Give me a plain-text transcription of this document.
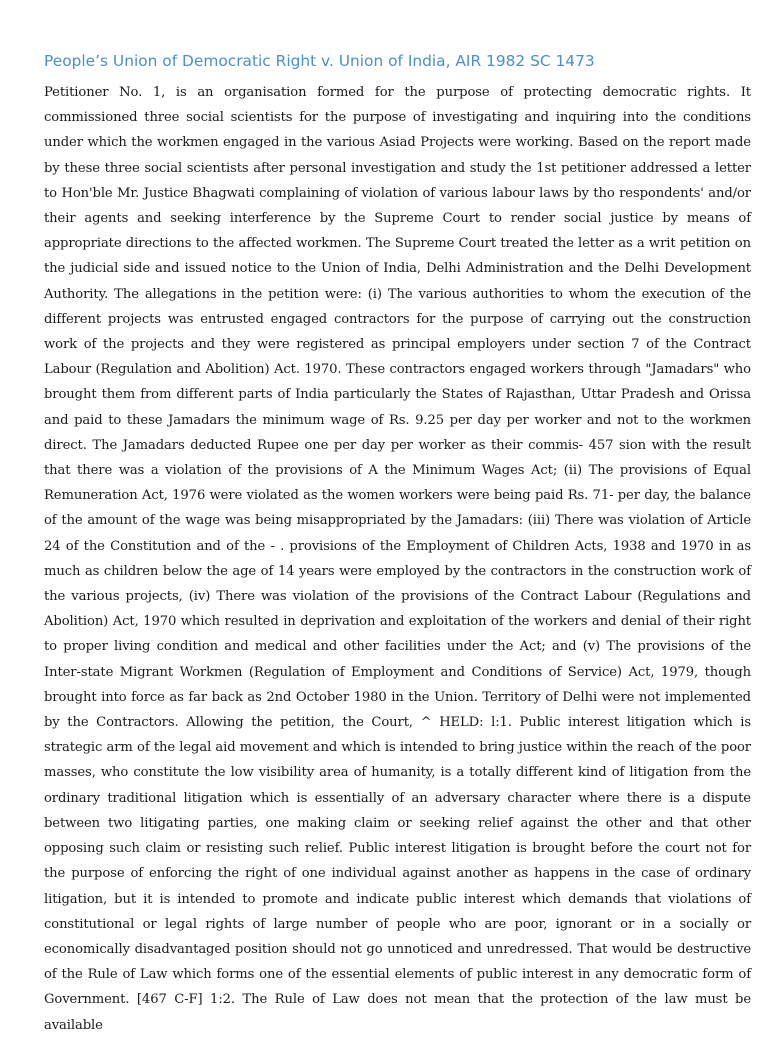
People’s Union of Democratic Right v. Union of India, AIR 1982 SC 1473

Petitioner No. 1, is an organisation formed for the purpose of protecting democratic rights. It commissioned three social scientists for the purpose of investigating and inquiring into the conditions under which the workmen engaged in the various Asiad Projects were working. Based on the report made by these three social scientists after personal investigation and study the 1st petitioner addressed a letter to Hon'ble Mr. Justice Bhagwati complaining of violation of various labour laws by tho respondents' and/or their agents and seeking interference by the Supreme Court to render social justice by means of appropriate directions to the affected workmen. The Supreme Court treated the letter as a writ petition on the judicial side and issued notice to the Union of India, Delhi Administration and the Delhi Development Authority. The allegations in the petition were: (i) The various authorities to whom the execution of the different projects was entrusted engaged contractors for the purpose of carrying out the construction work of the projects and they were registered as principal employers under section 7 of the Contract Labour (Regulation and Abolition) Act. 1970. These contractors engaged workers through "Jamadars" who brought them from different parts of India particularly the States of Rajasthan, Uttar Pradesh and Orissa and paid to these Jamadars the minimum wage of Rs. 9.25 per day per worker and not to the workmen direct. The Jamadars deducted Rupee one per day per worker as their commis- 457 sion with the result that there was a violation of the provisions of A the Minimum Wages Act; (ii) The provisions of Equal Remuneration Act, 1976 were violated as the women workers were being paid Rs. 71- per day, the balance of the amount of the wage was being misappropriated by the Jamadars: (iii) There was violation of Article 24 of the Constitution and of the - . provisions of the Employment of Children Acts, 1938 and 1970 in as much as children below the age of 14 years were employed by the contractors in the construction work of the various projects, (iv) There was violation of the provisions of the Contract Labour (Regulations and Abolition) Act, 1970 which resulted in deprivation and exploitation of the workers and denial of their right to proper living condition and medical and other facilities under the Act; and (v) The provisions of the Inter-state Migrant Workmen (Regulation of Employment and Conditions of Service) Act, 1979, though brought into force as far back as 2nd October 1980 in the Union. Territory of Delhi were not implemented by the Contractors. Allowing the petition, the Court, ^ HELD: l:1. Public interest litigation which is strategic arm of the legal aid movement and which is intended to bring justice within the reach of the poor masses, who constitute the low visibility area of humanity, is a totally different kind of litigation from the ordinary traditional litigation which is essentially of an adversary character where there is a dispute between two litigating parties, one making claim or seeking relief against the other and that other opposing such claim or resisting such relief. Public interest litigation is brought before the court not for the purpose of enforcing the right of one individual against another as happens in the case of ordinary litigation, but it is intended to promote and indicate public interest which demands that violations of constitutional or legal rights of large number of people who are poor, ignorant or in a socially or economically disadvantaged position should not go unnoticed and unredressed. That would be destructive of the Rule of Law which forms one of the essential elements of public interest in any democratic form of Government. [467 C-F] 1:2. The Rule of Law does not mean that the protection of the law must be available
